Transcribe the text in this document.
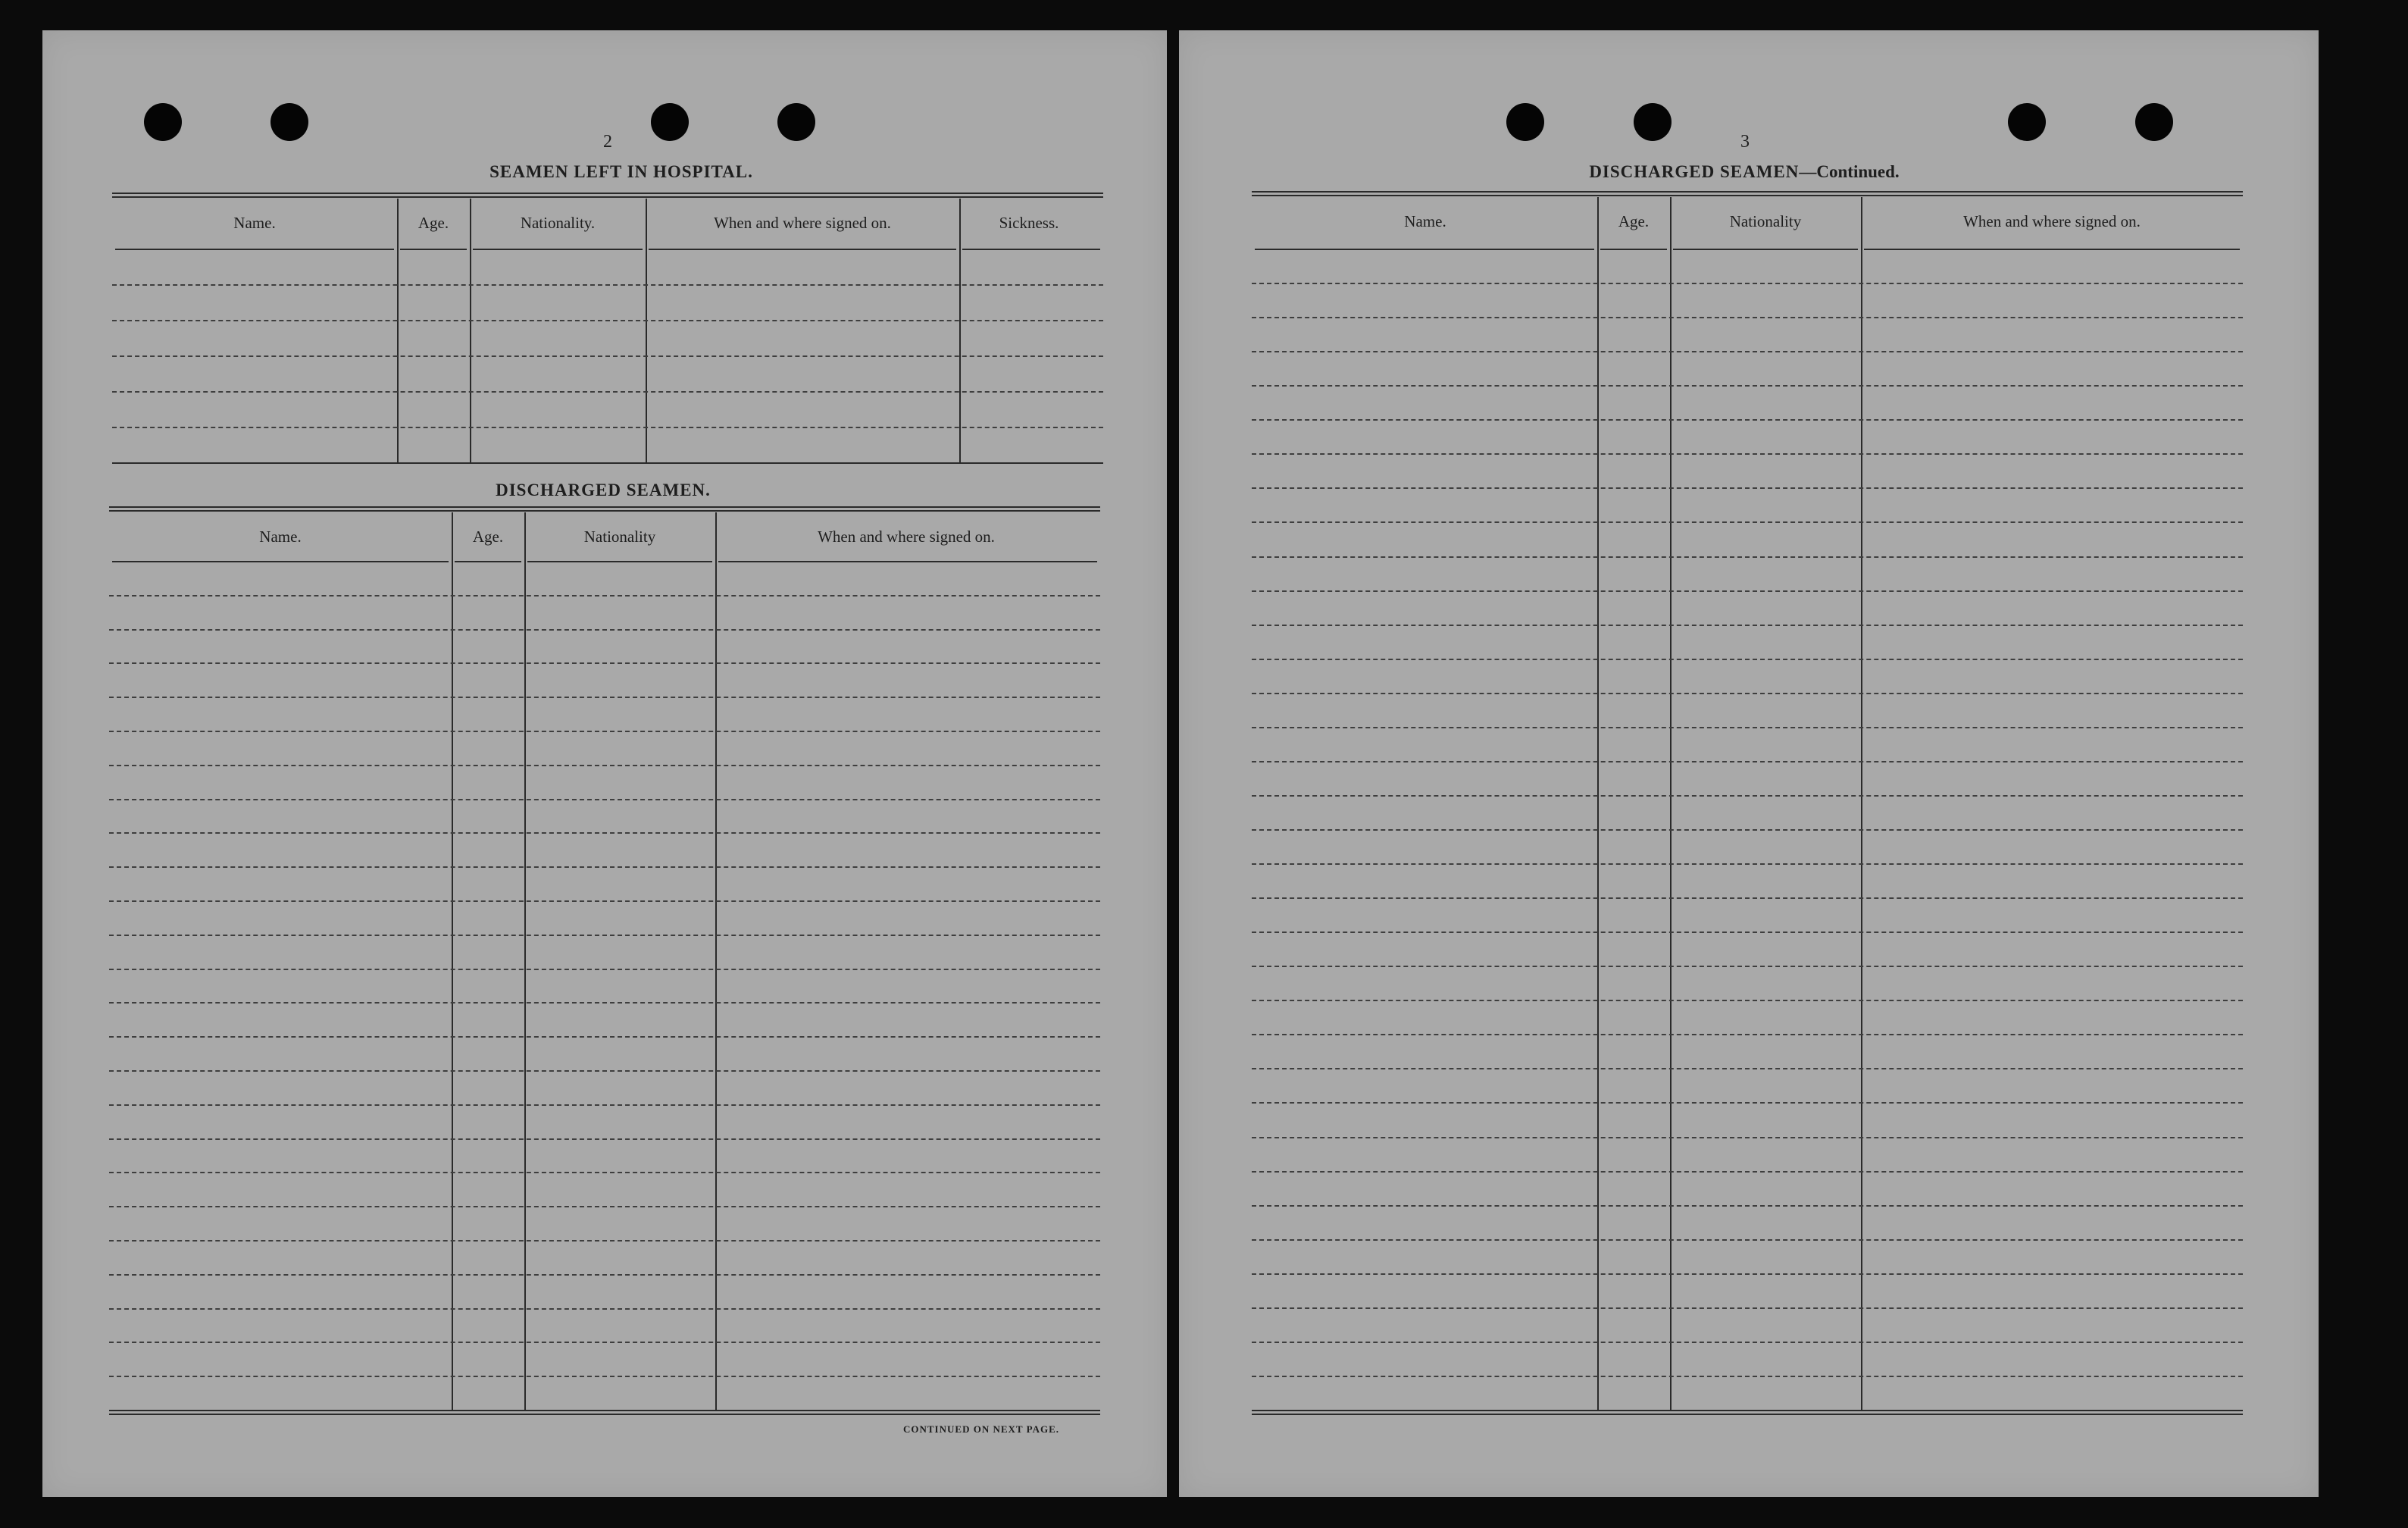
2
SEAMEN LEFT IN HOSPITAL.
Name.	Age.	Nationality.	When and where signed on.	Sickness.
DISCHARGED SEAMEN.
Name.	Age.	Nationality	When and where signed on.
CONTINUED ON NEXT PAGE.
3
DISCHARGED SEAMEN—Continued.
Name.	Age.	Nationality	When and where signed on.
